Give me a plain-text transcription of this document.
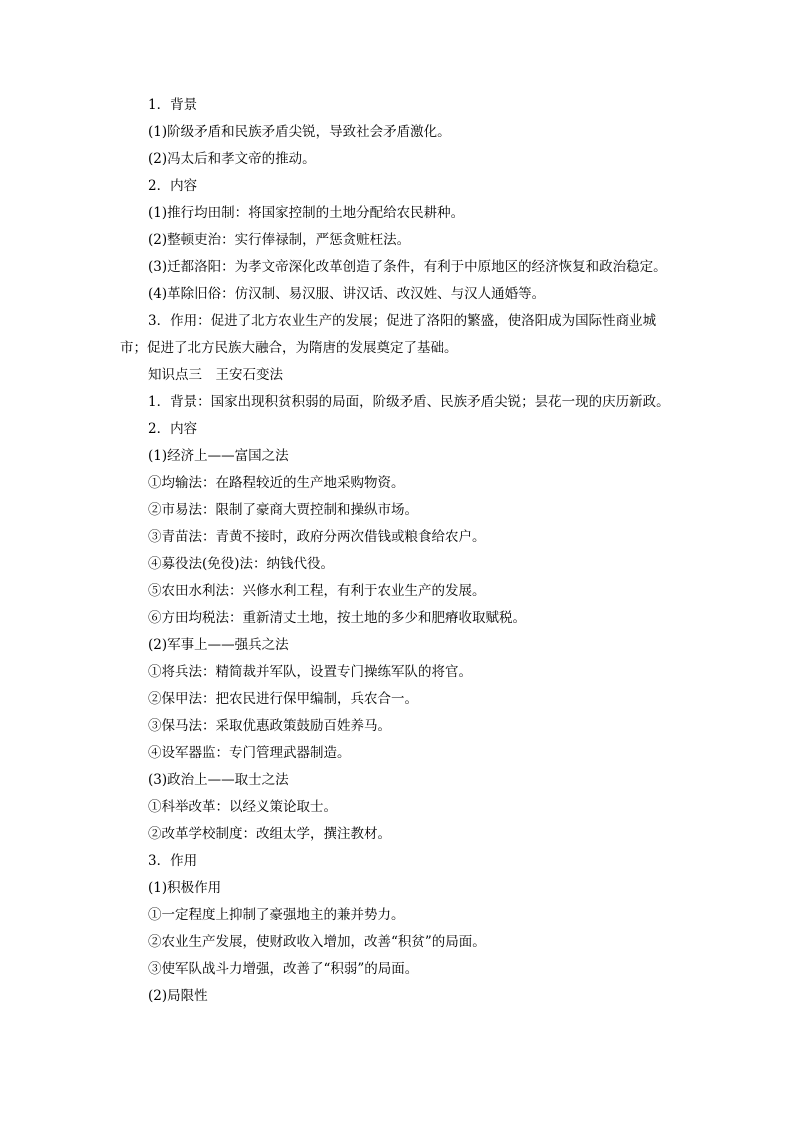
1．背景

(1)阶级矛盾和民族矛盾尖锐，导致社会矛盾激化。

(2)冯太后和孝文帝的推动。

2．内容

(1)推行均田制：将国家控制的土地分配给农民耕种。

(2)整顿吏治：实行俸禄制，严惩贪赃枉法。

(3)迁都洛阳：为孝文帝深化改革创造了条件，有利于中原地区的经济恢复和政治稳定。

(4)革除旧俗：仿汉制、易汉服、讲汉话、改汉姓、与汉人通婚等。

3．作用：促进了北方农业生产的发展；促进了洛阳的繁盛，使洛阳成为国际性商业城市；促进了北方民族大融合，为隋唐的发展奠定了基础。

知识点三　王安石变法

1．背景：国家出现积贫积弱的局面，阶级矛盾、民族矛盾尖锐；昙花一现的庆历新政。

2．内容

(1)经济上——富国之法

①均输法：在路程较近的生产地采购物资。

②市易法：限制了豪商大贾控制和操纵市场。

③青苗法：青黄不接时，政府分两次借钱或粮食给农户。

④募役法(免役)法：纳钱代役。

⑤农田水利法：兴修水利工程，有利于农业生产的发展。

⑥方田均税法：重新清丈土地，按土地的多少和肥瘠收取赋税。

(2)军事上——强兵之法

①将兵法：精简裁并军队，设置专门操练军队的将官。

②保甲法：把农民进行保甲编制，兵农合一。

③保马法：采取优惠政策鼓励百姓养马。

④设军器监：专门管理武器制造。

(3)政治上——取士之法

①科举改革：以经义策论取士。

②改革学校制度：改组太学，撰注教材。

3．作用

(1)积极作用

①一定程度上抑制了豪强地主的兼并势力。

②农业生产发展，使财政收入增加，改善“积贫”的局面。

③使军队战斗力增强，改善了“积弱”的局面。

(2)局限性
